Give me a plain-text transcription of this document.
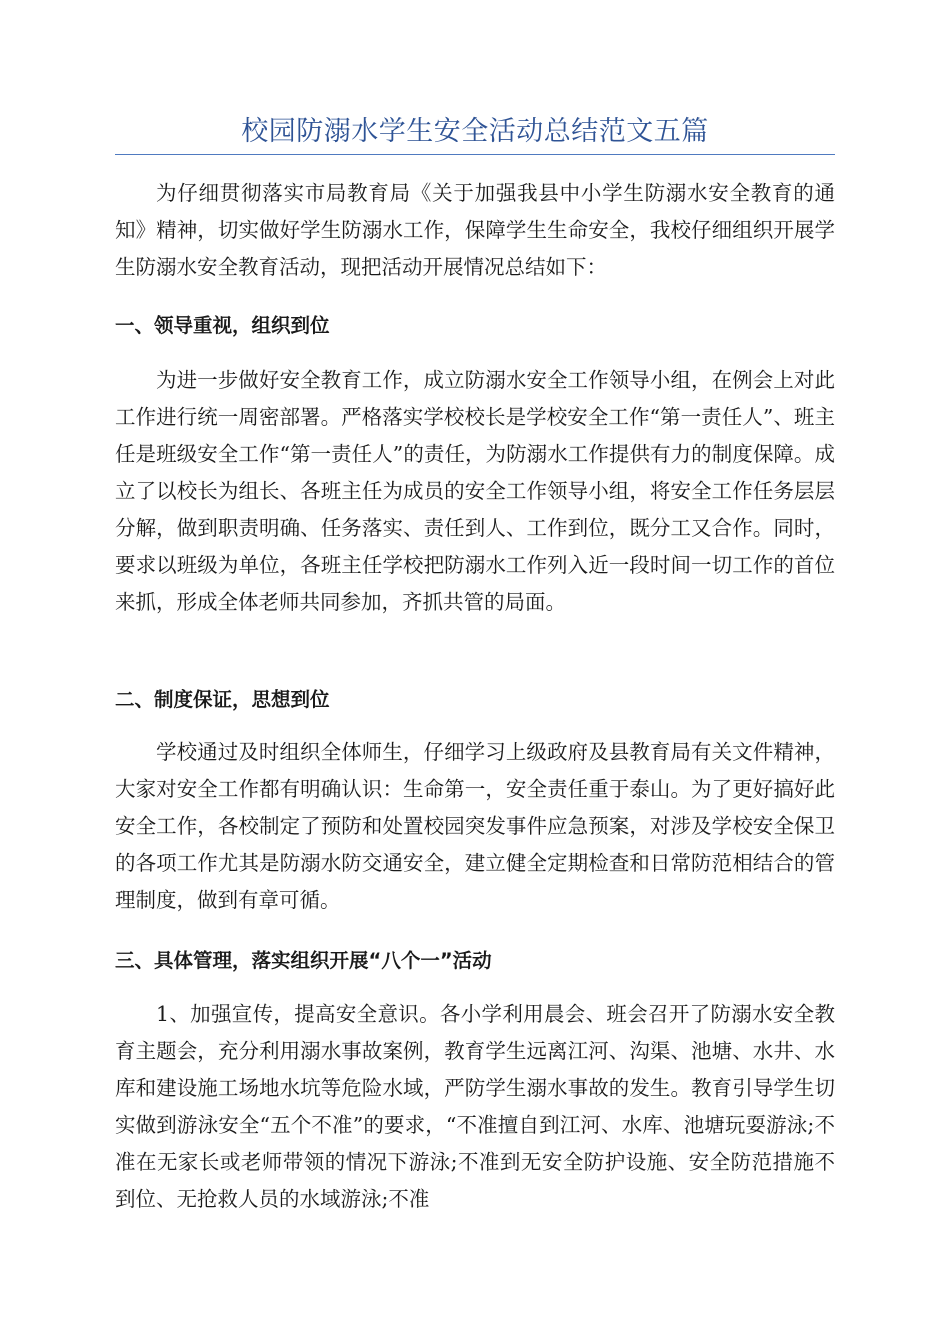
校园防溺水学生安全活动总结范文五篇

为仔细贯彻落实市局教育局《关于加强我县中小学生防溺水安全教育的通知》精神，切实做好学生防溺水工作，保障学生生命安全，我校仔细组织开展学生防溺水安全教育活动，现把活动开展情况总结如下：

一、领导重视，组织到位

为进一步做好安全教育工作，成立防溺水安全工作领导小组，在例会上对此工作进行统一周密部署。严格落实学校校长是学校安全工作“第一责任人”、班主任是班级安全工作“第一责任人”的责任，为防溺水工作提供有力的制度保障。成立了以校长为组长、各班主任为成员的安全工作领导小组，将安全工作任务层层分解，做到职责明确、任务落实、责任到人、工作到位，既分工又合作。同时，要求以班级为单位，各班主任学校把防溺水工作列入近一段时间一切工作的首位来抓，形成全体老师共同参加，齐抓共管的局面。

二、制度保证，思想到位

学校通过及时组织全体师生，仔细学习上级政府及县教育局有关文件精神，大家对安全工作都有明确认识：生命第一，安全责任重于泰山。为了更好搞好此安全工作，各校制定了预防和处置校园突发事件应急预案，对涉及学校安全保卫的各项工作尤其是防溺水防交通安全，建立健全定期检查和日常防范相结合的管理制度，做到有章可循。

三、具体管理，落实组织开展“八个一”活动

1、加强宣传，提高安全意识。各小学利用晨会、班会召开了防溺水安全教育主题会，充分利用溺水事故案例，教育学生远离江河、沟渠、池塘、水井、水库和建设施工场地水坑等危险水域，严防学生溺水事故的发生。教育引导学生切实做到游泳安全“五个不准”的要求，“不准擅自到江河、水库、池塘玩耍游泳;不准在无家长或老师带领的情况下游泳;不准到无安全防护设施、安全防范措施不到位、无抢救人员的水域游泳;不准
